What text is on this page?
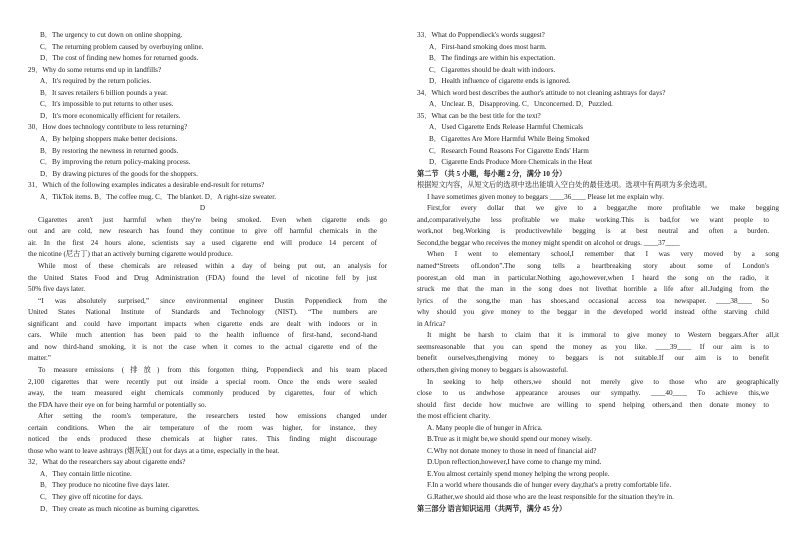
B．The urgency to cut down on online shopping.
C．The returning problem caused by overbuying online.
D．The cost of finding new homes for returned goods.
29．Why do some returns end up in landfills?
A．It's required by the return policies.
B．It saves retailers 6 billion pounds a year.
C．It's impossible to put returns to other uses.
D．It's more economically efficient for retailers.
30．How does technology contribute to less returning?
A．By helping shoppers make better decisions.
B．By restoring the newness in returned goods.
C．By improving the return policy-making process.
D．By drawing pictures of the goods for the shoppers.
31．Which of the following examples indicates a desirable end-result for returns?
A．TikTok items. B．The coffee mug. C．The blanket. D．A right-size sweater.
D
Cigarettes aren't just harmful when they're being smoked. Even when cigarette ends go
out and are cold, new research has found they continue to give off harmful chemicals in the
air. In the first 24 hours alone, scientists say a used cigarette end will produce 14 percent of
the nicotine (尼古丁) that an actively burning cigarette would produce.
While most of these chemicals are released within a day of being put out, an analysis for
the United States Food and Drug Administration (FDA) found the level of nicotine fell by just
50% five days later.
“I was absolutely surprised,” since environmental engineer Dustin Poppendieck from the
United States National Institute of Standards and Technology (NIST). “The numbers are
significant and could have important impacts when cigarette ends are dealt with indoors or in
cars. While much attention has been paid to the health influence of first-hand, second-hand
and now third-hand smoking, it is not the case when it comes to the actual cigarette end of the
matter.”
To measure emissions (排放) from this forgotten thing, Poppendieck and his team placed
2,100 cigarettes that were recently put out inside a special room. Once the ends were sealed
away, the team measured eight chemicals commonly produced by cigarettes, four of which
the FDA have their eye on for being harmful or potentially so.
After setting the room's temperature, the researchers tested how emissions changed under
certain conditions. When the air temperature of the room was higher, for instance, they
noticed the ends produced these chemicals at higher rates. This finding might discourage
those who want to leave ashtrays (烟灰缸) out for days at a time, especially in the heat.
32．What do the researchers say about cigarette ends?
A．They contain little nicotine.
B．They produce no nicotine five days later.
C．They give off nicotine for days.
D．They create as much nicotine as burning cigarettes.
33．What do Poppendieck's words suggest?
A．First-hand smoking does most harm.
B．The findings are within his expectation.
C．Cigarettes should be dealt with indoors.
D．Health influence of cigarette ends is ignored.
34．Which word best describes the author's attitude to not cleaning ashtrays for days?
A．Unclear. B．Disapproving. C．Unconcerned. D．Puzzled.
35．What can be the best title for the text?
A．Used Cigarette Ends Release Harmful Chemicals
B．Cigarettes Are More Harmful While Being Smoked
C．Research Found Reasons For Cigarette Ends' Harm
D．Cigarette Ends Produce More Chemicals in the Heat
第二节 （共 5 小题，每小题 2 分，满分 10 分）
根据短文内容，从短文后的选项中选出能填入空白处的最佳选项。选项中有两项为多余选项。
I have sometimes given money to beggars ____36____ Please let me explain why.
First,for every dollar that we give to a beggar,the more profitable we make begging
and,comparatively,the less profitable we make working.This is bad,for we want people to
work,not beg.Working is productivewhile begging is at best neutral and often a burden.
Second,the beggar who receives the money might spendit on alcohol or drugs. ____37____
When I went to elementary school,I remember that I was very moved by a song
named“Streets ofLondon”.The song tells a heartbreaking story about some of London's
poorest,an old man in particular.Nothing ago,however,when I heard the song on the radio, it
struck me that the man in the song does not livethat horrible a life after all.Judging from the
lyrics of the song,the man has shoes,and occasional access toa newspaper. ____38____ So
why should you give money to the beggar in the developed world instead ofthe starving child
in Africa?
It might be harsh to claim that it is immoral to give money to Western beggars.After all,it
seemsreasonable that you can spend the money as you like. ____39____ If our aim is to
benefit ourselves,thengiving money to beggars is not suitable.If our aim is to benefit
others,then giving money to beggars is alsowasteful.
In seeking to help others,we should not merely give to those who are geographically
close to us andwhose appearance arouses our sympathy. ____40____ To achieve this,we
should first decide how muchwe are willing to spend helping others,and then donate money to
the most efficient charity.
A. Many people die of hunger in Africa.
B.True as it might be,we should spend our money wisely.
C.Why not donate money to those in need of financial aid?
D.Upon reflection,however,I have come to change my mind.
E.You almost certainly spend money helping the wrong people.
F.In a world where thousands die of hunger every day,that's a pretty comfortable life.
G.Rather,we should aid those who are the least responsible for the situation they're in.
第三部分 语言知识运用（共两节，满分 45 分）
